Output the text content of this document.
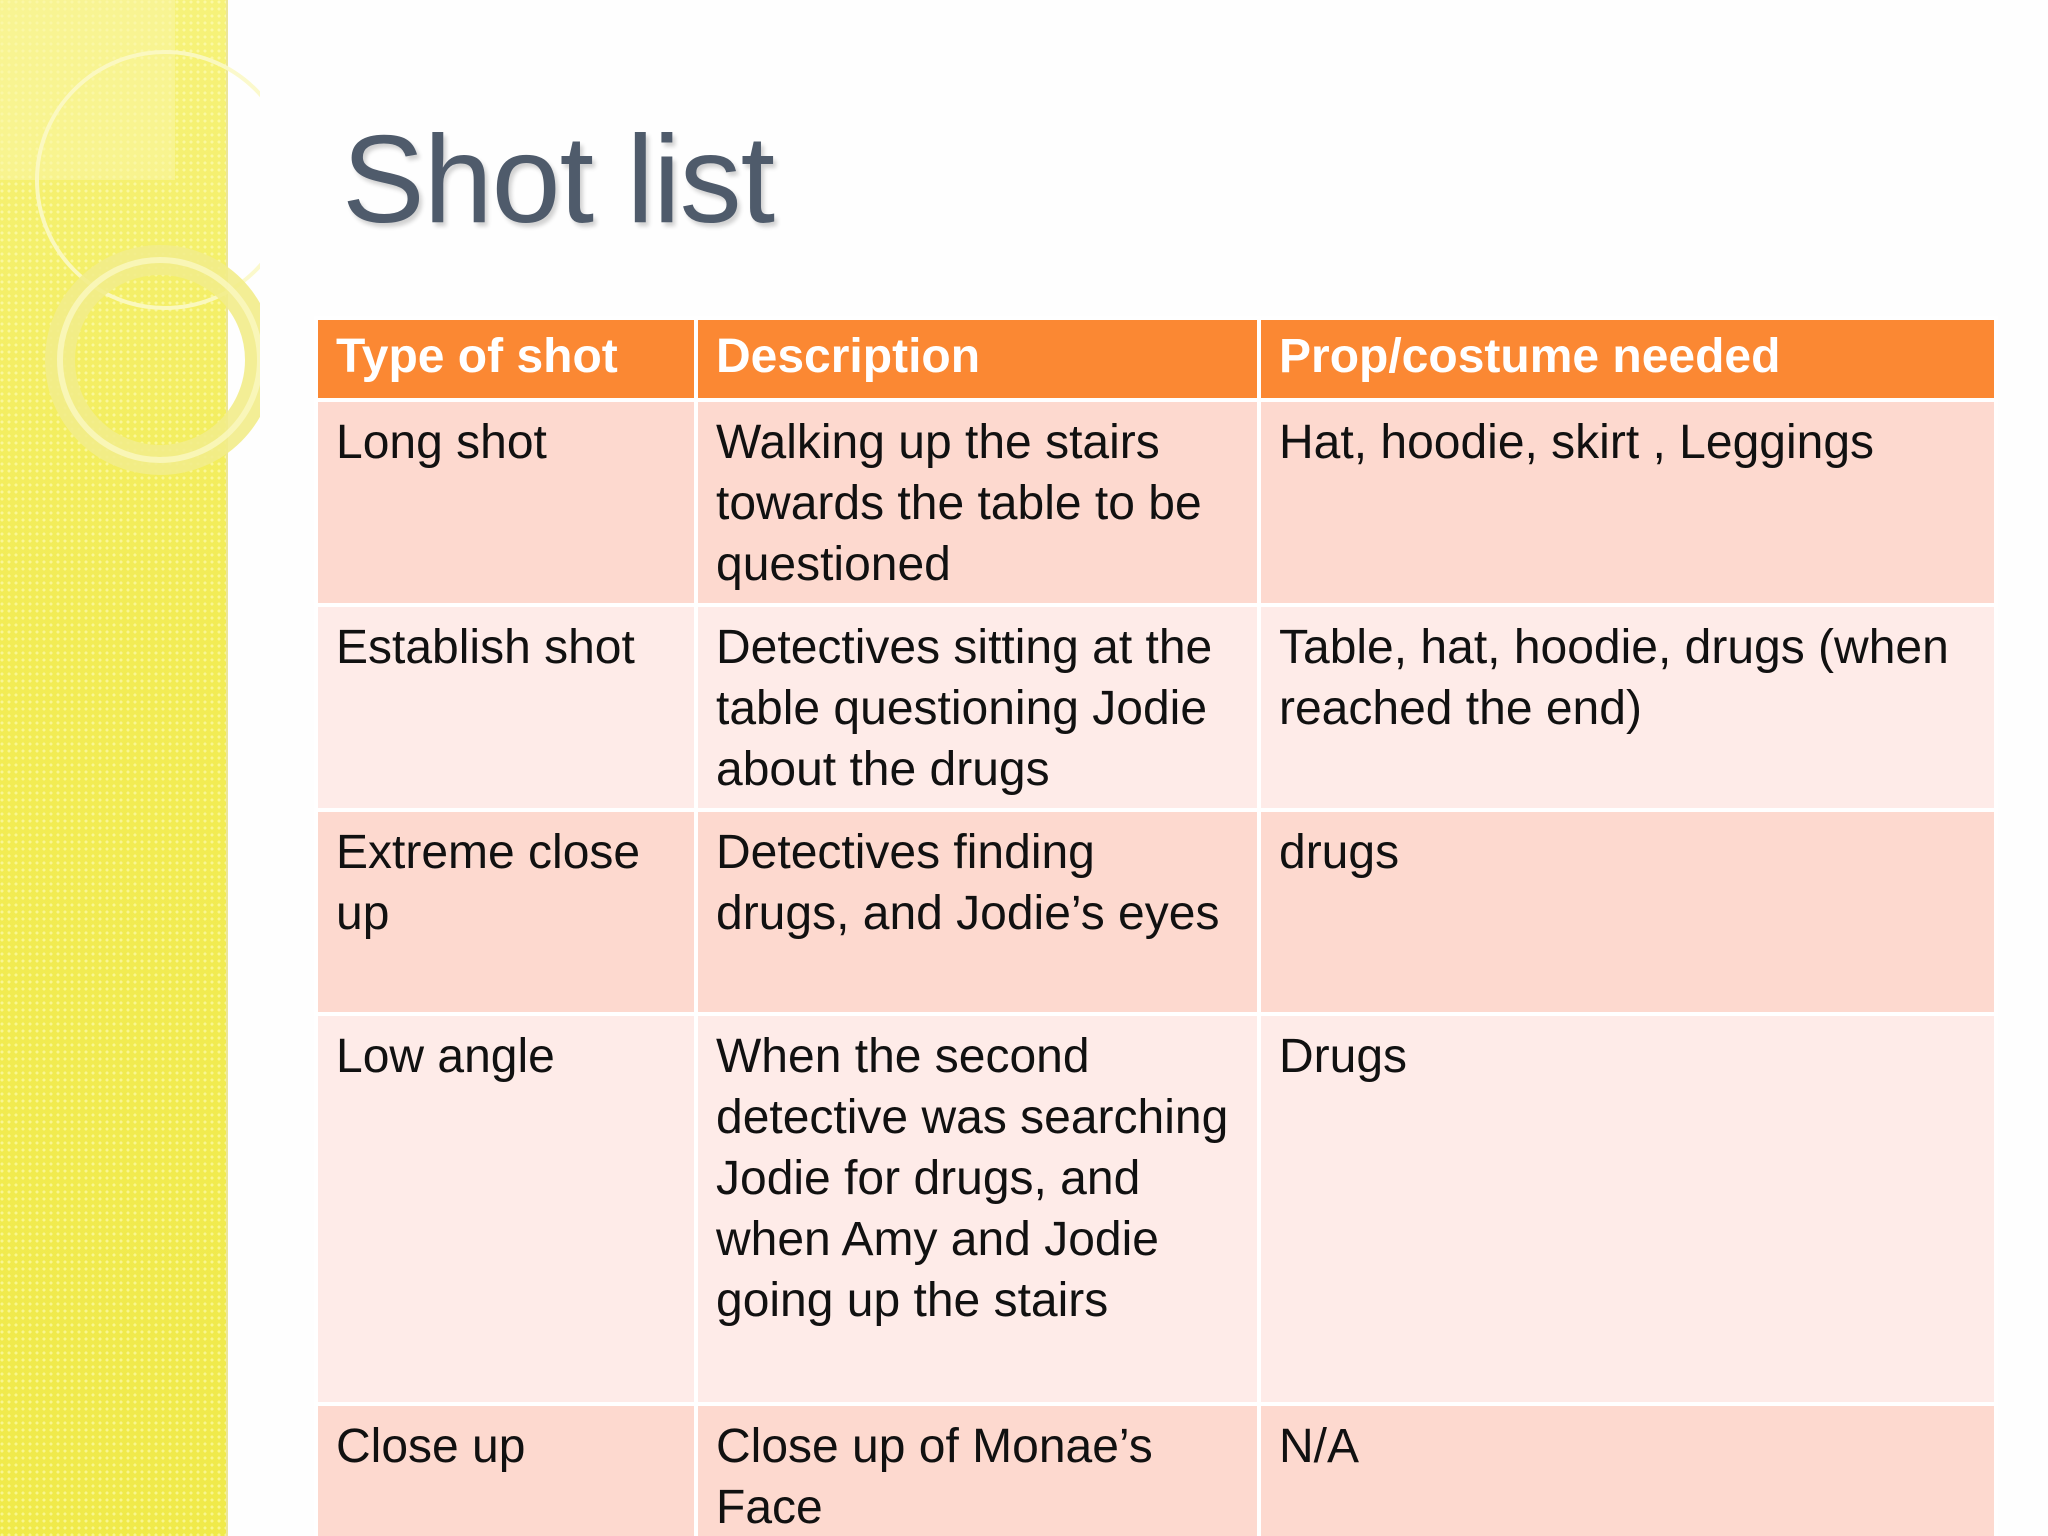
Shot list
Type of shot	Description	Prop/costume needed
Long shot	Walking up the stairs towards the table to be questioned	Hat, hoodie, skirt , Leggings
Establish shot	Detectives sitting at the table questioning Jodie about the drugs	Table, hat, hoodie, drugs (when reached the end)
Extreme close up	Detectives finding drugs, and Jodie’s eyes	drugs
Low angle	When the second detective was searching Jodie for drugs, and when Amy and Jodie going up the stairs	Drugs
Close up	Close up of Monae’s Face	N/A
